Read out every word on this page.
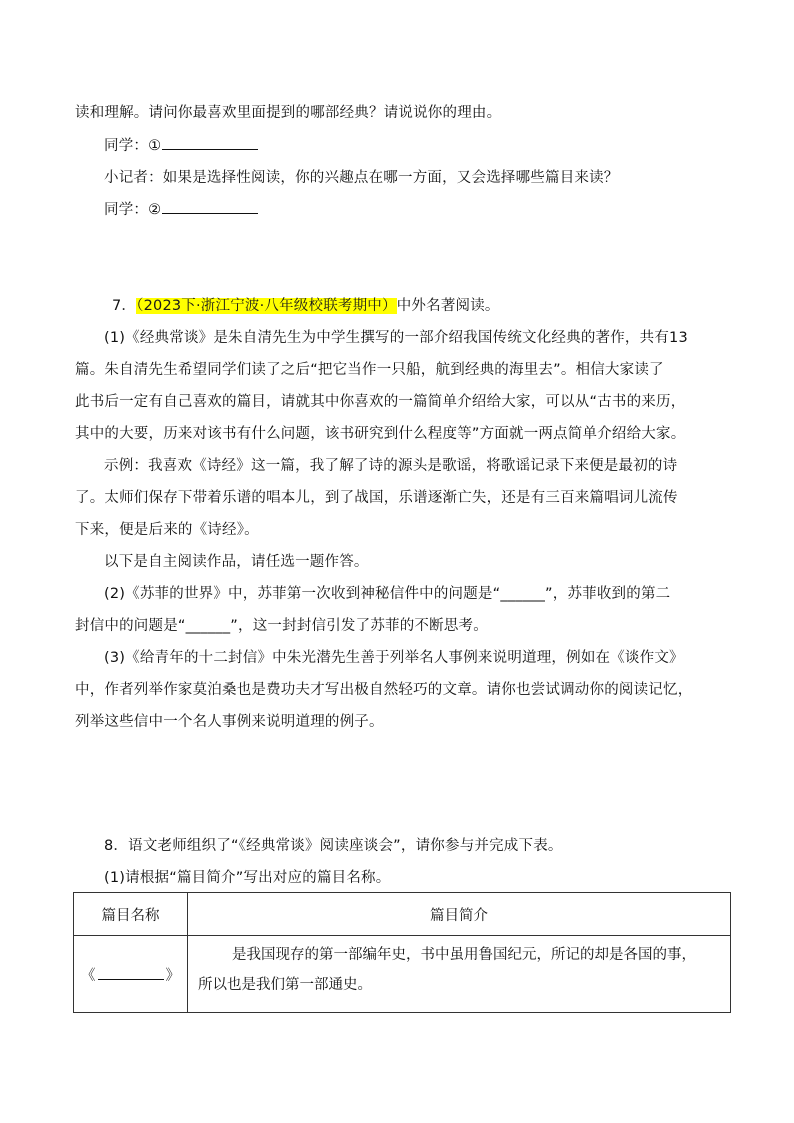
读和理解。请问你最喜欢里面提到的哪部经典？请说说你的理由。
同学：①
小记者：如果是选择性阅读，你的兴趣点在哪一方面，又会选择哪些篇目来读？
同学：②
7．（2023下·浙江宁波·八年级校联考期中）中外名著阅读。
(1)《经典常谈》是朱自清先生为中学生撰写的一部介绍我国传统文化经典的著作，共有13
篇。朱自清先生希望同学们读了之后“把它当作一只船，航到经典的海里去”。相信大家读了
此书后一定有自己喜欢的篇目，请就其中你喜欢的一篇简单介绍给大家，可以从“古书的来历，
其中的大要，历来对该书有什么问题，该书研究到什么程度等”方面就一两点简单介绍给大家。
示例：我喜欢《诗经》这一篇，我了解了诗的源头是歌谣，将歌谣记录下来便是最初的诗
了。太师们保存下带着乐谱的唱本儿，到了战国，乐谱逐渐亡失，还是有三百来篇唱词儿流传
下来，便是后来的《诗经》。
以下是自主阅读作品，请任选一题作答。
(2)《苏菲的世界》中，苏菲第一次收到神秘信件中的问题是“______”，苏菲收到的第二
封信中的问题是“______”，这一封封信引发了苏菲的不断思考。
(3)《给青年的十二封信》中朱光潜先生善于列举名人事例来说明道理，例如在《谈作文》
中，作者列举作家莫泊桑也是费功夫才写出极自然轻巧的文章。请你也尝试调动你的阅读记忆，
列举这些信中一个名人事例来说明道理的例子。
8．语文老师组织了“《经典常谈》阅读座谈会”，请你参与并完成下表。
(1)请根据“篇目简介”写出对应的篇目名称。
篇目名称	篇目简介
《 》	是我国现存的第一部编年史，书中虽用鲁国纪元，所记的却是各国的事，
所以也是我们第一部通史。
